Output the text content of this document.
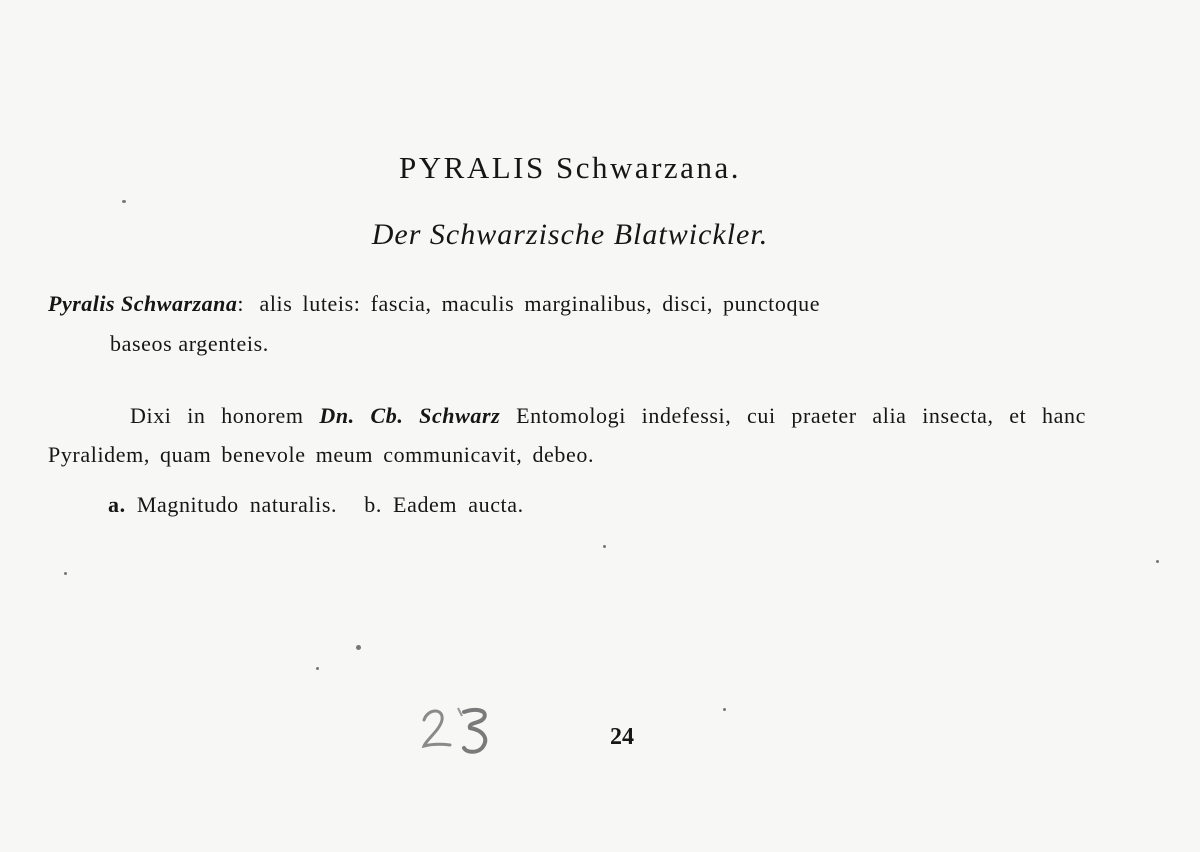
PYRALIS Schwarzana.
Der Schwarzische Blatwickler.
Pyralis Schwarzana: alis luteis: fascia, maculis marginalibus, disci, punctoque
baseos argenteis.
Dixi in honorem Dn. Cb. Schwarz Entomologi indefessi, cui praeter alia insecta, et hanc Pyralidem, quam benevole meum communicavit, debeo.
a. Magnitudo naturalis. b. Eadem aucta.
24
